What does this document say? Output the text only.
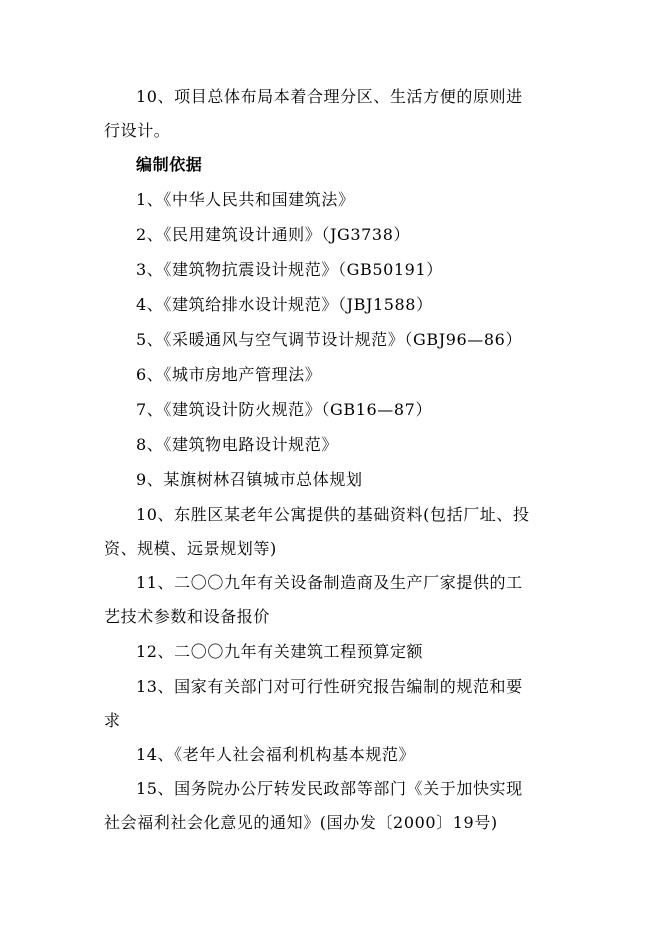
10、项目总体布局本着合理分区、生活方便的原则进
行设计。
编制依据
1、《中华人民共和国建筑法》
2、《民用建筑设计通则》（JG3738）
3、《建筑物抗震设计规范》（GB50191）
4、《建筑给排水设计规范》（JBJ1588）
5、《采暖通风与空气调节设计规范》（GBJ96—86）
6、《城市房地产管理法》
7、《建筑设计防火规范》（GB16—87）
8、《建筑物电路设计规范》
9、某旗树林召镇城市总体规划
10、东胜区某老年公寓提供的基础资料(包括厂址、投
资、规模、远景规划等)
11、二〇〇九年有关设备制造商及生产厂家提供的工
艺技术参数和设备报价
12、二〇〇九年有关建筑工程预算定额
13、国家有关部门对可行性研究报告编制的规范和要
求
14、《老年人社会福利机构基本规范》
15、国务院办公厅转发民政部等部门《关于加快实现
社会福利社会化意见的通知》(国办发〔2000〕19号)
